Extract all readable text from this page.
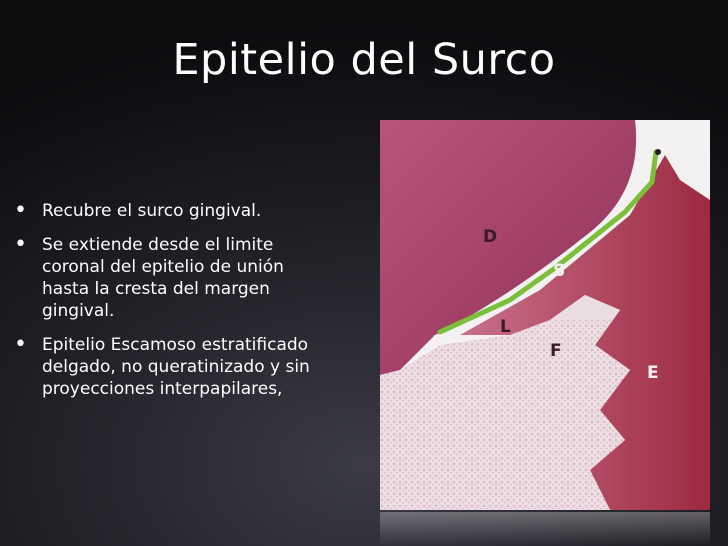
Epitelio del Surco
• Recubre el surco gingival.
• Se extiende desde el limite
coronal del epitelio de unión
hasta la cresta del margen
gingival.
• Epitelio Escamoso estratificado
delgado, no queratinizado y sin
proyecciones interpapilares,
D
S
L
F
E
I
